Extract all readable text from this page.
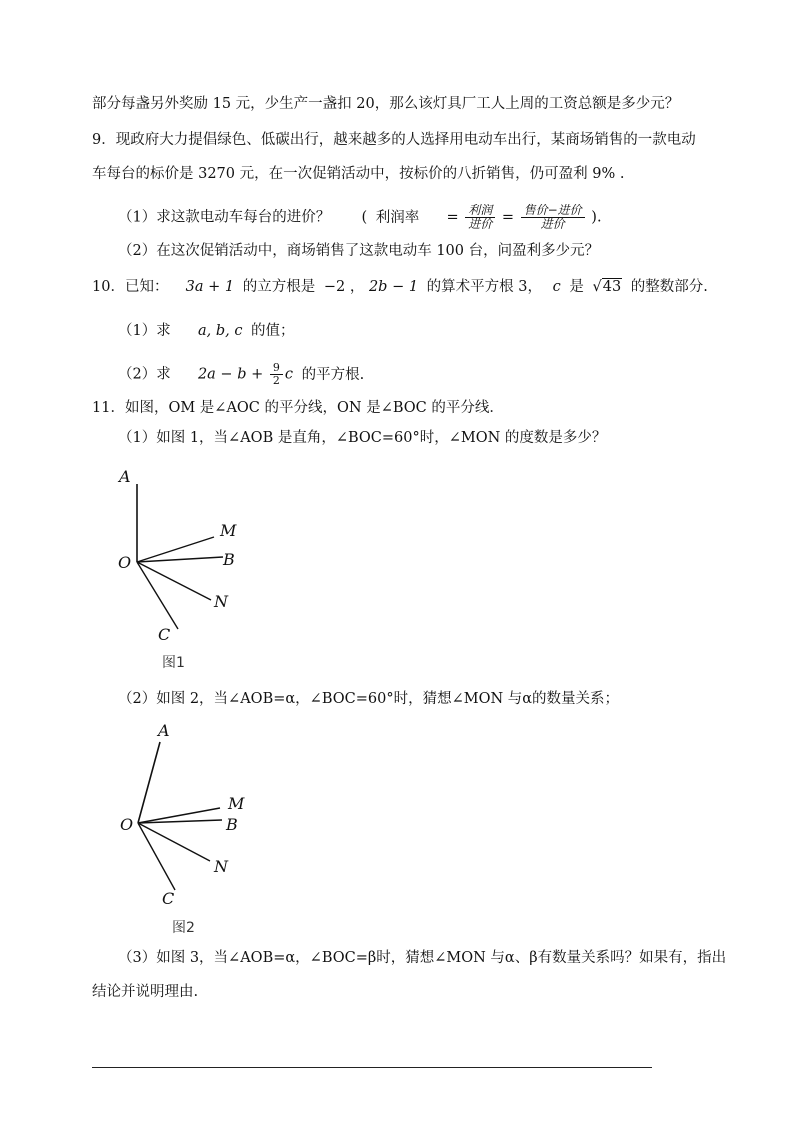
部分每盏另外奖励 15 元，少生产一盏扣 20，那么该灯具厂工人上周的工资总额是多少元？
9．现政府大力提倡绿色、低碳出行，越来越多的人选择用电动车出行，某商场销售的一款电动
车每台的标价是 3270 元，在一次促销活动中，按标价的八折销售，仍可盈利 9% .
（1）求这款电动车每台的进价？ ( 利润率 = $\frac{\text{利润}}{\text{进价}} = \frac{\text{售价−进价}}{\text{进价}}$ ).
（2）在这次促销活动中，商场销售了这款电动车 100 台，问盈利多少元？
10．已知： 3a + 1 的立方根是 −2 ， 2b − 1 的算术平方根 3， c 是 √43 的整数部分.
（1）求 a, b, c 的值；
（2）求 $2a - b + \frac{9}{2}$ c 的平方根.
11．如图，OM 是∠AOC 的平分线，ON 是∠BOC 的平分线．
（1）如图 1，当∠AOB 是直角，∠BOC=60°时，∠MON 的度数是多少？
A
M
O	B
N
C
图1
（2）如图 2，当∠AOB=α，∠BOC=60°时，猜想∠MON 与α的数量关系；
A
M
O	B
N
C
图2
（3）如图 3，当∠AOB=α，∠BOC=β时，猜想∠MON 与α、β有数量关系吗？如果有，指出
结论并说明理由.
